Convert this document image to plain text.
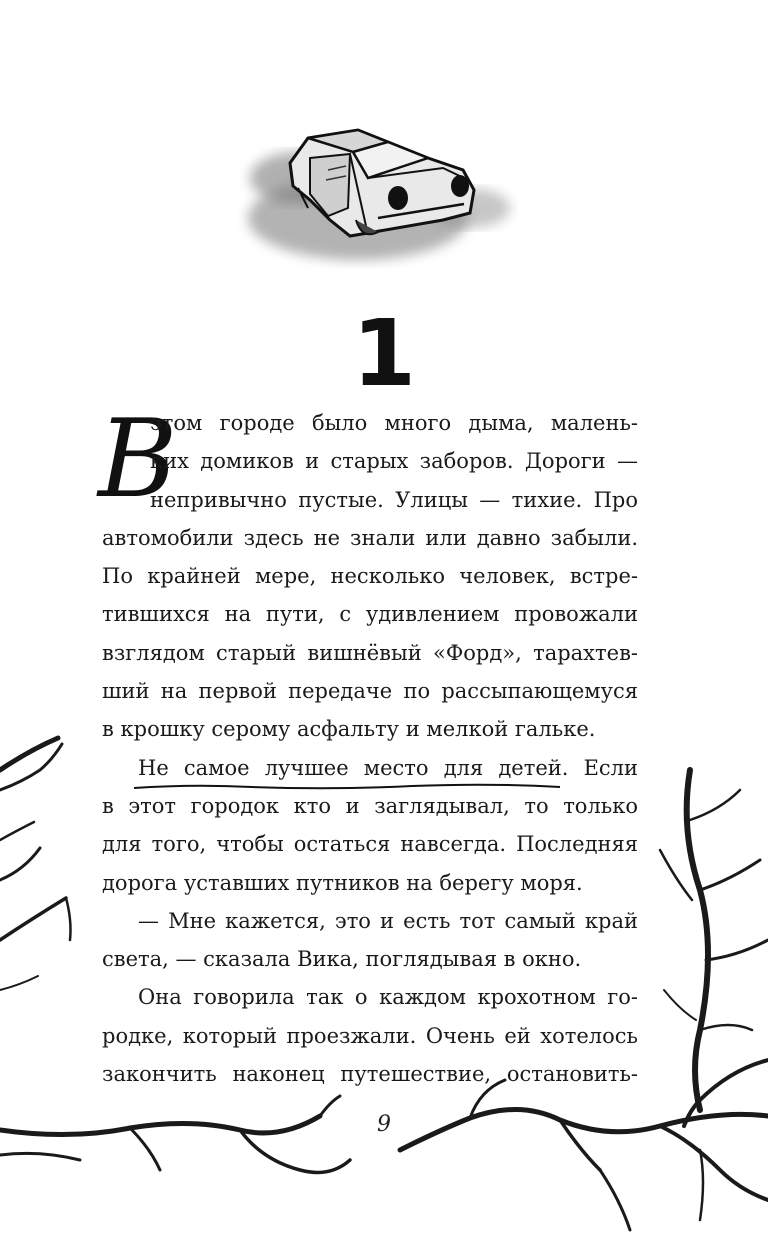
1
В
этом городе было много дыма, малень-
ких домиков и старых заборов. Дороги —
непривычно пустые. Улицы — тихие. Про
автомобили здесь не знали или давно забыли.
По крайней мере, несколько человек, встре-
тившихся на пути, с удивлением провожали
взглядом старый вишнёвый «Форд», тарахтев-
ший на первой передаче по рассыпающемуся
в крошку серому асфальту и мелкой гальке.
Не самое лучшее место для детей
. Если
в этот городок кто и заглядывал, то только
для того, чтобы остаться навсегда. Последняя
дорога уставших путников на берегу моря.
— Мне кажется, это и есть тот самый край
света, — сказала Вика, поглядывая в окно.
Она говорила так о каждом крохотном го-
родке, который проезжали. Очень ей хотелось
закончить наконец путешествие, остановить-
9
